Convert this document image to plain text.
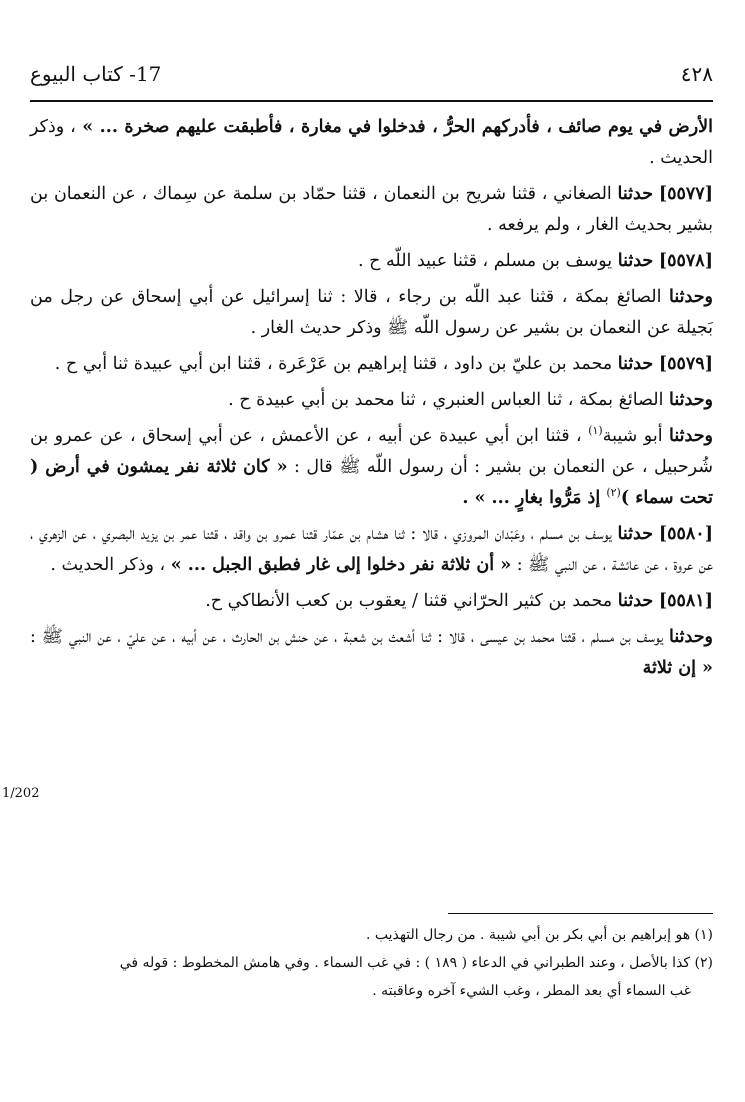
17- كتاب البيوع	٤٢٨

الأرض في يوم صائف ، فأدركهم الحرُّ ، فدخلوا في مغارة ، فأطبقت عليهم صخرة ... » ، وذكر الحديث .

[٥٥٧٧] حدثنا الصغاني ، قثنا شريح بن النعمان ، قثنا حمّاد بن سلمة عن سِماك ، عن النعمان بن بشير بحديث الغار ، ولم يرفعه .

[٥٥٧٨] حدثنا يوسف بن مسلم ، قثنا عبيد اللّه ح .

وحدثنا الصائغ بمكة ، قثنا عبد اللّه بن رجاء ، قالا : ثنا إسرائيل عن أبي إسحاق عن رجل من بَجيلة عن النعمان بن بشير عن رسول اللّه ﷺ وذكر حديث الغار .

[٥٥٧٩] حدثنا محمد بن عليّ بن داود ، قثنا إبراهيم بن عَرْعَرة ، قثنا ابن أبي عبيدة ثنا أبي ح .

وحدثنا الصائغ بمكة ، ثنا العباس العنبري ، ثنا محمد بن أبي عبيدة ح .

وحدثنا أبو شيبة$^{(١)}$ ، قثنا ابن أبي عبيدة عن أبيه ، عن الأعمش ، عن أبي إسحاق ، عن عمرو بن شُرحبيل ، عن النعمان بن بشير : أن رسول اللّه ﷺ قال : « كان ثلاثة نفر يمشون في أرض ( تحت سماء )$^{(٢)}$ إذ مَرُّوا بغارٍ ... » .

[٥٥٨٠] حدثنا يوسف بن مسلم ، وعَبْدان المروزي ، قالا : ثنا هشام بن عمّار قثنا عمرو بن واقد ، قثنا عمر بن يزيد البصري ، عن الزهري ، عن عروة ، عن عائشة ، عن النبي ﷺ : « أن ثلاثة نفر دخلوا إلى غار فطبق الجبل ... » ، وذكر الحديث .

[٥٥٨١] حدثنا محمد بن كثير الحرّاني قثنا / يعقوب بن كعب الأنطاكي ح.

وحدثنا يوسف بن مسلم ، قثنا محمد بن عيسى ، قالا : ثنا أشعث بن شعبة ، عن حنش بن الحارث ، عن أبيه ، عن عليّ ، عن النبي ﷺ : « إن ثلاثة

1/202

(١) هو إبراهيم بن أبي بكر بن أبي شيبة . من رجال التهذيب .

(٢) كذا بالأصل ، وعند الطبراني في الدعاء ( ١٨٩ ) : في غب السماء . وفي هامش المخطوط : قوله في

غب السماء أي بعد المطر ، وغب الشيء آخره وعاقبته .
